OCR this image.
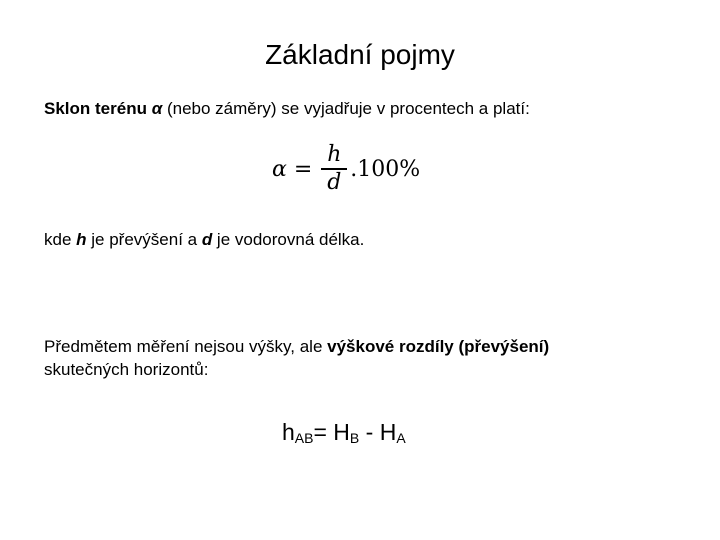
Základní pojmy
Sklon terénu α (nebo záměry) se vyjadřuje v procentech a platí:
$\alpha = \frac{h}{d} .100\%$
kde h je převýšení a d je vodorovná délka.
Předmětem měření nejsou výšky, ale výškové rozdíly (převýšení)
skutečných horizontů:
$h_{AB}= H_B - H_A$
